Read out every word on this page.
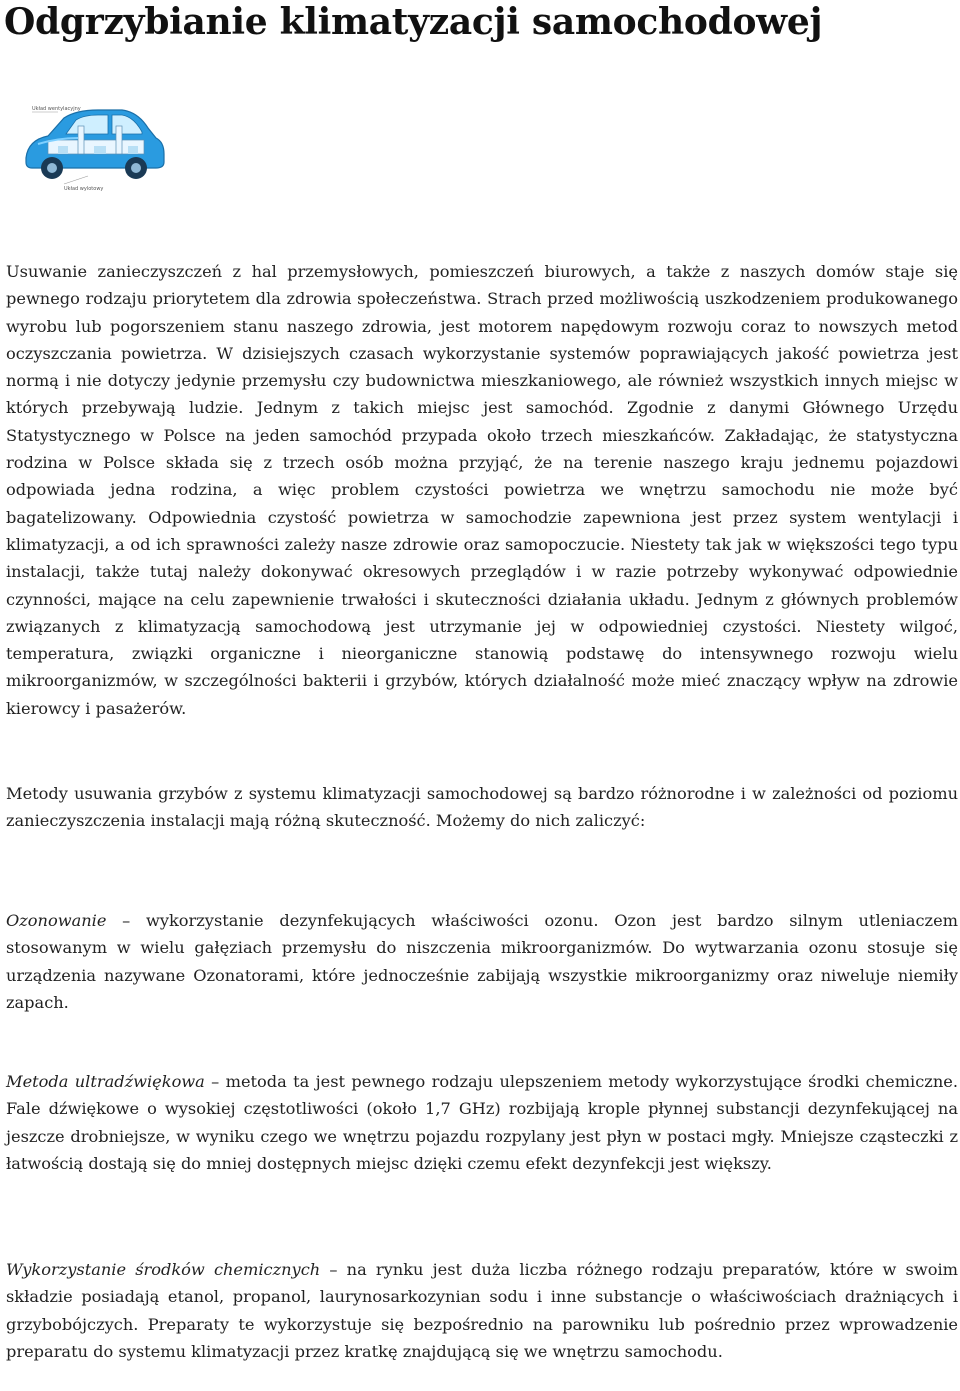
Odgrzybianie klimatyzacji samochodowej
Układ wentylacyjny
Układ wylotowy

Usuwanie zanieczyszczeń z hal przemysłowych, pomieszczeń biurowych, a także z naszych domów staje się pewnego rodzaju priorytetem dla zdrowia społeczeństwa. Strach przed możliwością uszkodzeniem produkowanego wyrobu lub pogorszeniem stanu naszego zdrowia, jest motorem napędowym rozwoju coraz to nowszych metod oczyszczania powietrza. W dzisiejszych czasach wykorzystanie systemów poprawiających jakość powietrza jest normą i nie dotyczy jedynie przemysłu czy budownictwa mieszkaniowego, ale również wszystkich innych miejsc w których przebywają ludzie. Jednym z takich miejsc jest samochód. Zgodnie z danymi Głównego Urzędu Statystycznego w Polsce na jeden samochód przypada około trzech mieszkańców. Zakładając, że statystyczna rodzina w Polsce składa się z trzech osób można przyjąć, że na terenie naszego kraju jednemu pojazdowi odpowiada jedna rodzina, a więc problem czystości powietrza we wnętrzu samochodu nie może być bagatelizowany. Odpowiednia czystość powietrza w samochodzie zapewniona jest przez system wentylacji i klimatyzacji, a od ich sprawności zależy nasze zdrowie oraz samopoczucie. Niestety tak jak w większości tego typu instalacji, także tutaj należy dokonywać okresowych przeglądów i w razie potrzeby wykonywać odpowiednie czynności, mające na celu zapewnienie trwałości i skuteczności działania układu. Jednym z głównych problemów związanych z klimatyzacją samochodową jest utrzymanie jej w odpowiedniej czystości. Niestety wilgoć, temperatura, związki organiczne i nieorganiczne stanowią podstawę do intensywnego rozwoju wielu mikroorganizmów, w szczególności bakterii i grzybów, których działalność może mieć znaczący wpływ na zdrowie kierowcy i pasażerów.

Metody usuwania grzybów z systemu klimatyzacji samochodowej są bardzo różnorodne i w zależności od poziomu zanieczyszczenia instalacji mają różną skuteczność. Możemy do nich zaliczyć:

Ozonowanie – wykorzystanie dezynfekujących właściwości ozonu. Ozon jest bardzo silnym utleniaczem stosowanym w wielu gałęziach przemysłu do niszczenia mikroorganizmów. Do wytwarzania ozonu stosuje się urządzenia nazywane Ozonatorami, które jednocześnie zabijają wszystkie mikroorganizmy oraz niweluje niemiły zapach.

Metoda ultradźwiękowa – metoda ta jest pewnego rodzaju ulepszeniem metody wykorzystujące środki chemiczne. Fale dźwiękowe o wysokiej częstotliwości (około 1,7 GHz) rozbijają krople płynnej substancji dezynfekującej na jeszcze drobniejsze, w wyniku czego we wnętrzu pojazdu rozpylany jest płyn w postaci mgły. Mniejsze cząsteczki z łatwością dostają się do mniej dostępnych miejsc dzięki czemu efekt dezynfekcji jest większy.

Wykorzystanie środków chemicznych – na rynku jest duża liczba różnego rodzaju preparatów, które w swoim składzie posiadają etanol, propanol, laurynosarkozynian sodu i inne substancje o właściwościach drażniących i grzybobójczych. Preparaty te wykorzystuje się bezpośrednio na parowniku lub pośrednio przez wprowadzenie preparatu do systemu klimatyzacji przez kratkę znajdującą się we wnętrzu samochodu.
